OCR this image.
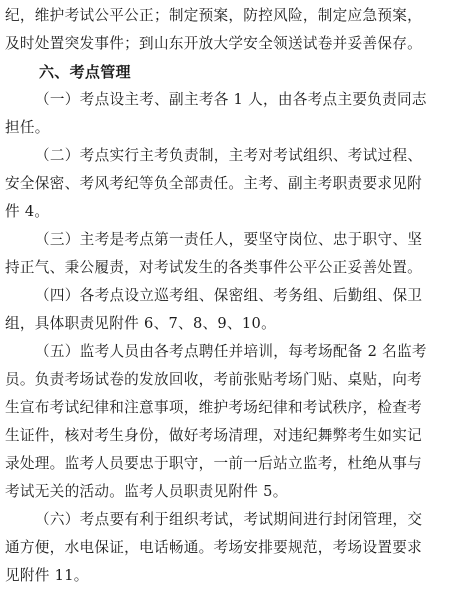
纪，维护考试公平公正；制定预案，防控风险，制定应急预案，
及时处置突发事件；到山东开放大学安全领送试卷并妥善保存。
六、考点管理
（一）考点设主考、副主考各 1 人，由各考点主要负责同志
担任。
（二）考点实行主考负责制，主考对考试组织、考试过程、
安全保密、考风考纪等负全部责任。主考、副主考职责要求见附
件 4。
（三）主考是考点第一责任人，要坚守岗位、忠于职守、坚
持正气、秉公履责，对考试发生的各类事件公平公正妥善处置。
（四）各考点设立巡考组、保密组、考务组、后勤组、保卫
组，具体职责见附件 6、7、8、9、10。
（五）监考人员由各考点聘任并培训，每考场配备 2 名监考
员。负责考场试卷的发放回收，考前张贴考场门贴、桌贴，向考
生宣布考试纪律和注意事项，维护考场纪律和考试秩序，检查考
生证件，核对考生身份，做好考场清理，对违纪舞弊考生如实记
录处理。监考人员要忠于职守，一前一后站立监考，杜绝从事与
考试无关的活动。监考人员职责见附件 5。
（六）考点要有利于组织考试，考试期间进行封闭管理，交
通方便，水电保证，电话畅通。考场安排要规范，考场设置要求
见附件 11。
